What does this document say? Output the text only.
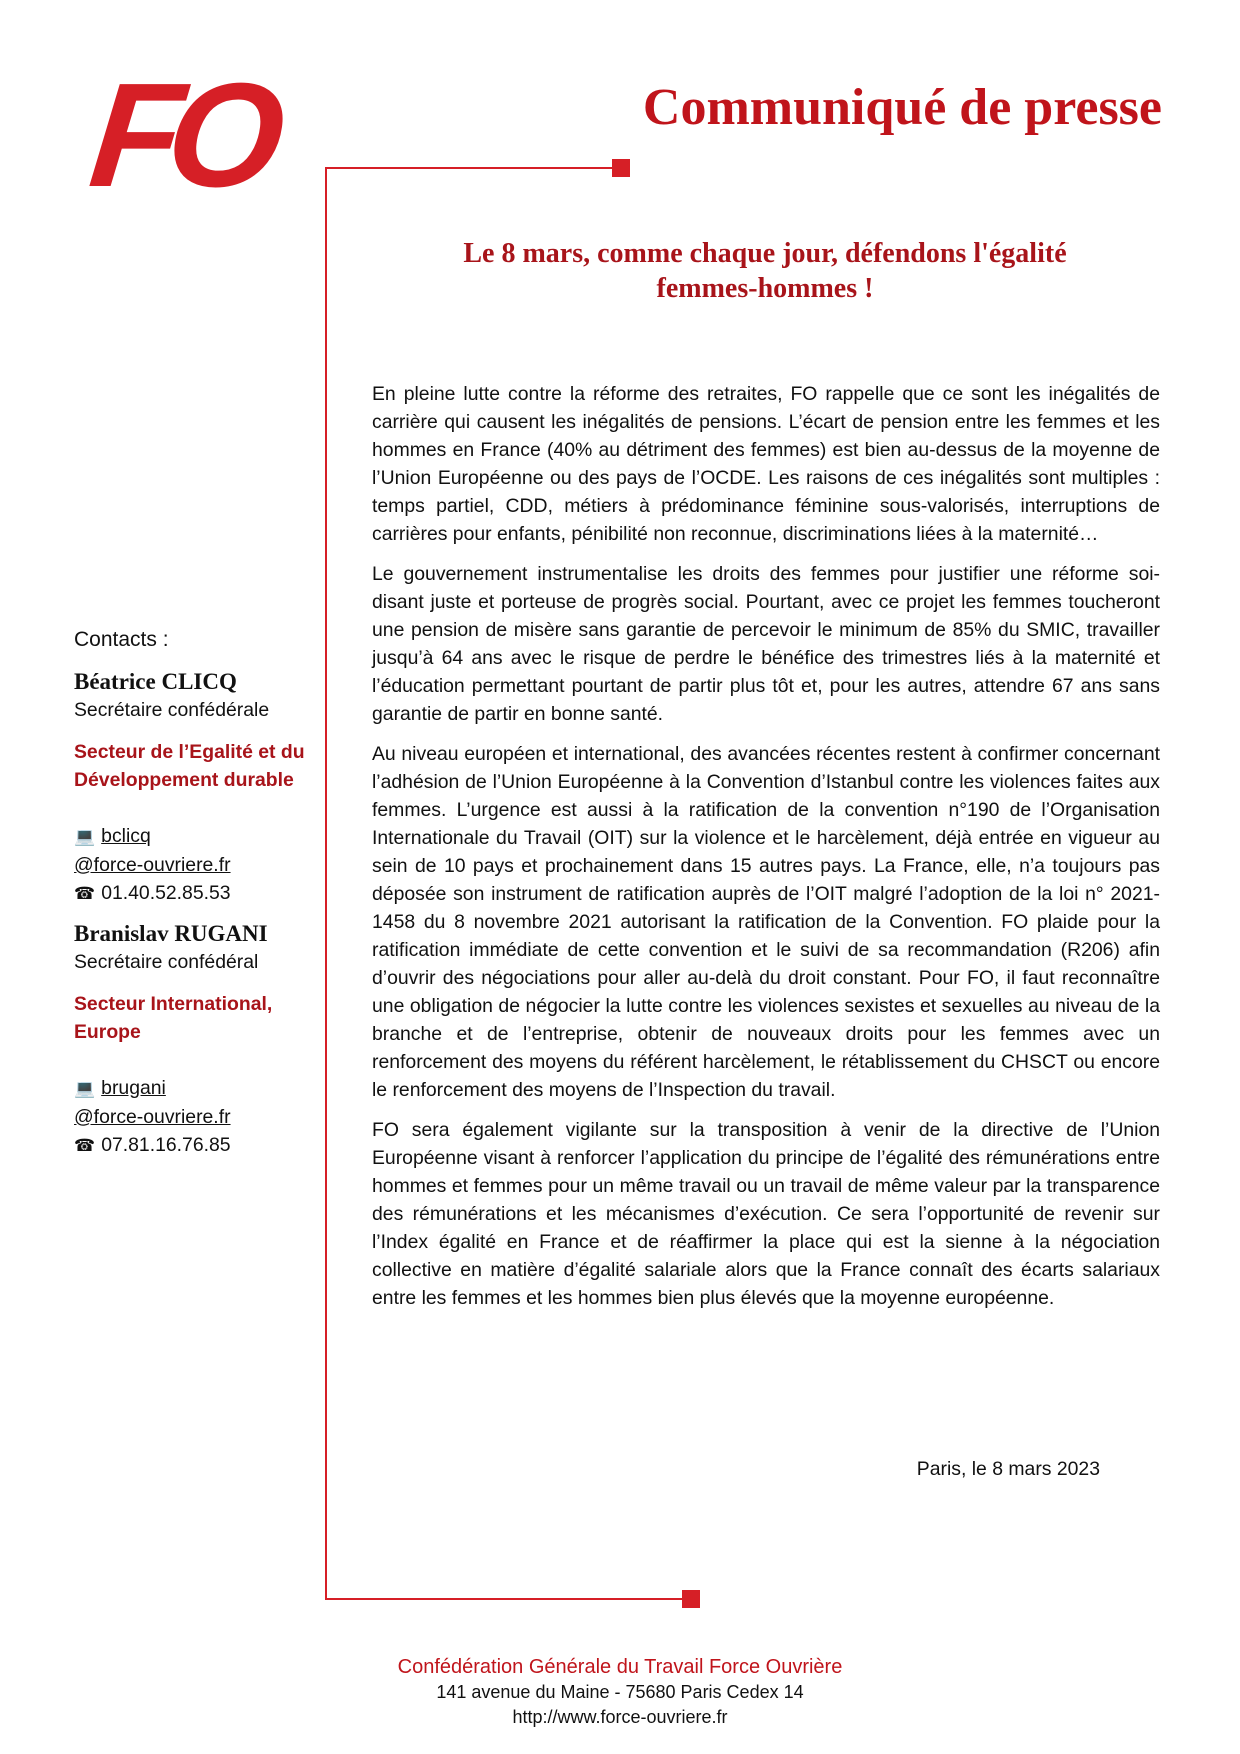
FO	Communiqué de presse
Le 8 mars, comme chaque jour, défendons l'égalité
femmes-hommes !

En pleine lutte contre la réforme des retraites, FO rappelle que ce sont les inégalités de carrière qui causent les inégalités de pensions. L’écart de pension entre les femmes et les hommes en France (40% au détriment des femmes) est bien au-dessus de la moyenne de l’Union Européenne ou des pays de l’OCDE. Les raisons de ces inégalités sont multiples : temps partiel, CDD, métiers à prédominance féminine sous-valorisés, interruptions de carrières pour enfants, pénibilité non reconnue, discriminations liées à la maternité…

Le gouvernement instrumentalise les droits des femmes pour justifier une réforme soi-disant juste et porteuse de progrès social. Pourtant, avec ce projet les femmes toucheront une pension de misère sans garantie de percevoir le minimum de 85% du SMIC, travailler jusqu’à 64 ans avec le risque de perdre le bénéfice des trimestres liés à la maternité et l’éducation permettant pourtant de partir plus tôt et, pour les autres, attendre 67 ans sans garantie de partir en bonne santé.

Au niveau européen et international, des avancées récentes restent à confirmer concernant l’adhésion de l’Union Européenne à la Convention d’Istanbul contre les violences faites aux femmes. L’urgence est aussi à la ratification de la convention n°190 de l’Organisation Internationale du Travail (OIT) sur la violence et le harcèlement, déjà entrée en vigueur au sein de 10 pays et prochainement dans 15 autres pays. La France, elle, n’a toujours pas déposée son instrument de ratification auprès de l’OIT malgré l’adoption de la loi n° 2021-1458 du 8 novembre 2021 autorisant la ratification de la Convention. FO plaide pour la ratification immédiate de cette convention et le suivi de sa recommandation (R206) afin d’ouvrir des négociations pour aller au-delà du droit constant. Pour FO, il faut reconnaître une obligation de négocier la lutte contre les violences sexistes et sexuelles au niveau de la branche et de l’entreprise, obtenir de nouveaux droits pour les femmes avec un renforcement des moyens du référent harcèlement, le rétablissement du CHSCT ou encore le renforcement des moyens de l’Inspection du travail.

FO sera également vigilante sur la transposition à venir de la directive de l’Union Européenne visant à renforcer l’application du principe de l’égalité des rémunérations entre hommes et femmes pour un même travail ou un travail de même valeur par la transparence des rémunérations et les mécanismes d’exécution. Ce sera l’opportunité de revenir sur l’Index égalité en France et de réaffirmer la place qui est la sienne à la négociation collective en matière d’égalité salariale alors que la France connaît des écarts salariaux entre les femmes et les hommes bien plus élevés que la moyenne européenne.

Paris, le 8 mars 2023
Contacts :
Béatrice CLICQ
Secrétaire confédérale
Secteur de l’Egalité et du
Développement durable
💻 bclicq
@force-ouvriere.fr
☎ 01.40.52.85.53
Branislav RUGANI
Secrétaire confédéral
Secteur International,
Europe
💻 brugani
@force-ouvriere.fr
☎ 07.81.16.76.85
Confédération Générale du Travail Force Ouvrière
141 avenue du Maine - 75680 Paris Cedex 14
http://www.force-ouvriere.fr
